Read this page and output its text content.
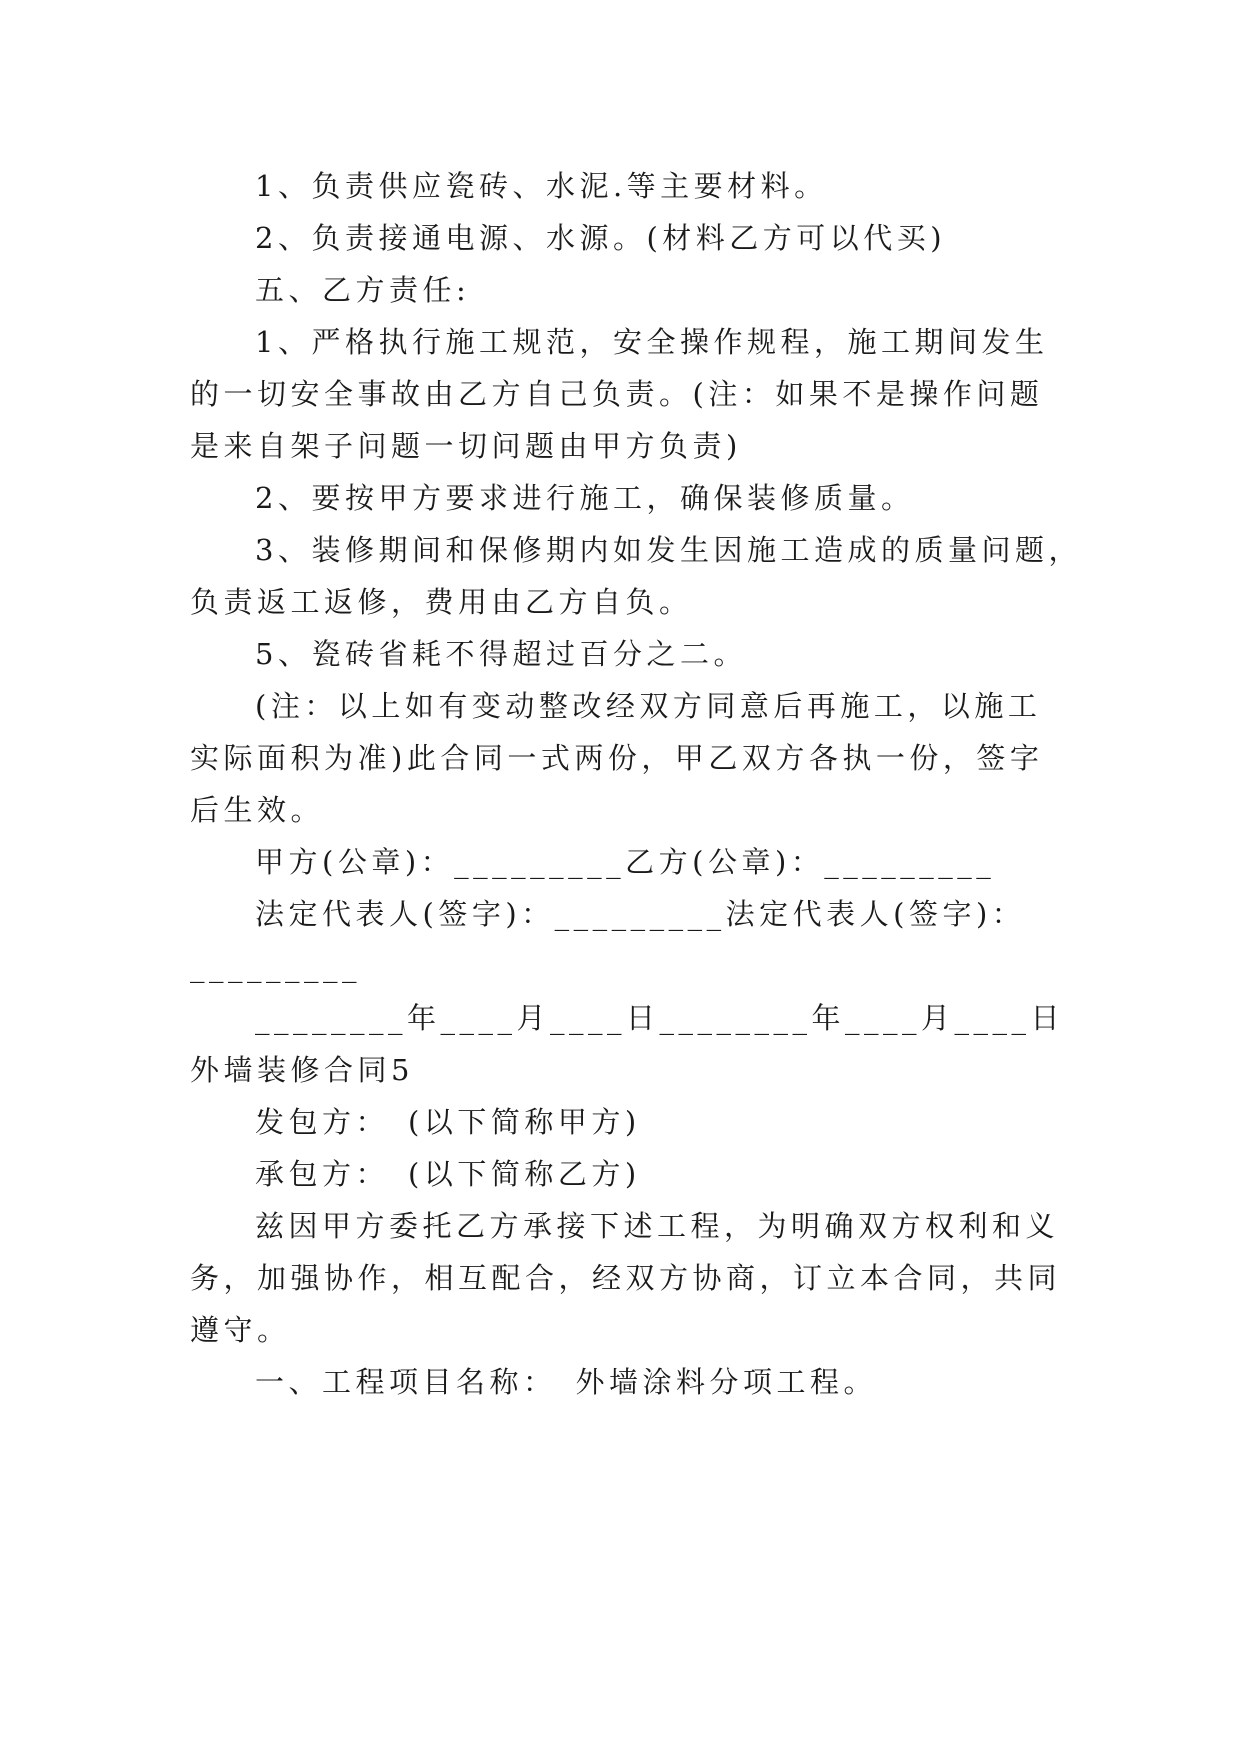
1、负责供应瓷砖、水泥.等主要材料。
2、负责接通电源、水源。(材料乙方可以代买)
五、乙方责任:
1、严格执行施工规范，安全操作规程，施工期间发生
的一切安全事故由乙方自己负责。(注：如果不是操作问题
是来自架子问题一切问题由甲方负责)
2、要按甲方要求进行施工，确保装修质量。
3、装修期间和保修期内如发生因施工造成的质量问题，
负责返工返修，费用由乙方自负。
5、瓷砖省耗不得超过百分之二。
(注：以上如有变动整改经双方同意后再施工，以施工
实际面积为准)此合同一式两份，甲乙双方各执一份，签字
后生效。
甲方(公章)：_________乙方(公章)：_________
法定代表人(签字)：_________法定代表人(签字)：
_________
________年____月____日________年____月____日
外墙装修合同5
发包方：　(以下简称甲方)
承包方：　(以下简称乙方)
兹因甲方委托乙方承接下述工程，为明确双方权利和义
务，加强协作，相互配合，经双方协商，订立本合同，共同
遵守。
一、工程项目名称：　外墙涂料分项工程。
